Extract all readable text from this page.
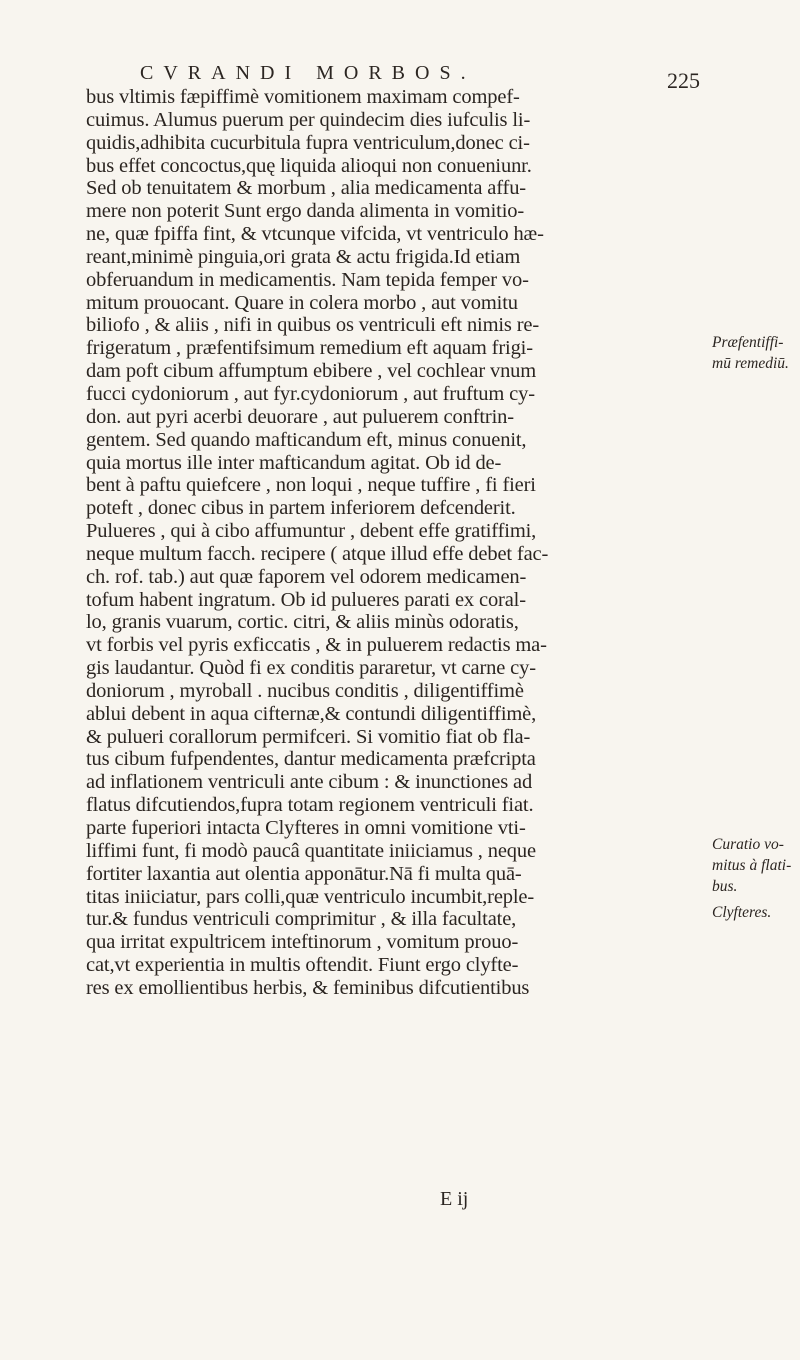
CVRANDI MORBOS.	225
bus vltimis fæpiffimè vomitionem maximam compef-
cuimus. Alumus puerum per quindecim dies iufculis li-
quidis,adhibita cucurbitula fupra ventriculum,donec ci-
bus effet concoctus,quę liquida alioqui non conueniunr.
Sed ob tenuitatem & morbum , alia medicamenta affu-
mere non poterit Sunt ergo danda alimenta in vomitio-
ne, quæ fpiffa fint, & vtcunque vifcida, vt ventriculo hæ-
reant,minimè pinguia,ori grata & actu frigida.Id etiam
obferuandum in medicamentis. Nam tepida femper vo-
mitum prouocant. Quare in colera morbo , aut vomitu
biliofo , & aliis , nifi in quibus os ventriculi eft nimis re-
frigeratum , præfentifsimum remedium eft aquam frigi-
dam poft cibum affumptum ebibere , vel cochlear vnum
fucci cydoniorum , aut fyr.cydoniorum , aut fruftum cy-
don. aut pyri acerbi deuorare , aut puluerem conftrin-
gentem. Sed quando mafticandum eft, minus conuenit,
quia mortus ille inter mafticandum agitat. Ob id de-
bent à paftu quiefcere , non loqui , neque tuffire , fi fieri
poteft , donec cibus in partem inferiorem defcenderit.
Pulueres , qui à cibo affumuntur , debent effe gratiffimi,
neque multum facch. recipere ( atque illud effe debet fac-
ch. rof. tab.) aut quæ faporem vel odorem medicamen-
tofum habent ingratum. Ob id pulueres parati ex coral-
lo, granis vuarum, cortic. citri, & aliis minùs odoratis,
vt forbis vel pyris exficcatis , & in puluerem redactis ma-
gis laudantur. Quòd fi ex conditis pararetur, vt carne cy-
doniorum , myroball . nucibus conditis , diligentiffimè
ablui debent in aqua cifternæ,& contundi diligentiffimè,
& pulueri corallorum permifceri. Si vomitio fiat ob fla-
tus cibum fufpendentes, dantur medicamenta præfcripta
ad inflationem ventriculi ante cibum : & inunctiones ad
flatus difcutiendos,fupra totam regionem ventriculi fiat.
parte fuperiori intacta Clyfteres in omni vomitione vti-
liffimi funt, fi modò paucâ quantitate iniiciamus , neque
fortiter laxantia aut olentia apponātur.Nā fi multa quā-
titas iniiciatur, pars colli,quæ ventriculo incumbit,reple-
tur.& fundus ventriculi comprimitur , & illa facultate,
qua irritat expultricem inteftinorum , vomitum prouo-
cat,vt experientia in multis oftendit. Fiunt ergo clyfte-
res ex emollientibus herbis, & feminibus difcutientibus
E ij
Præfentiffi-
mū remediū.
Curatio vo-
mitus à flati-
bus.
Clyfteres.
